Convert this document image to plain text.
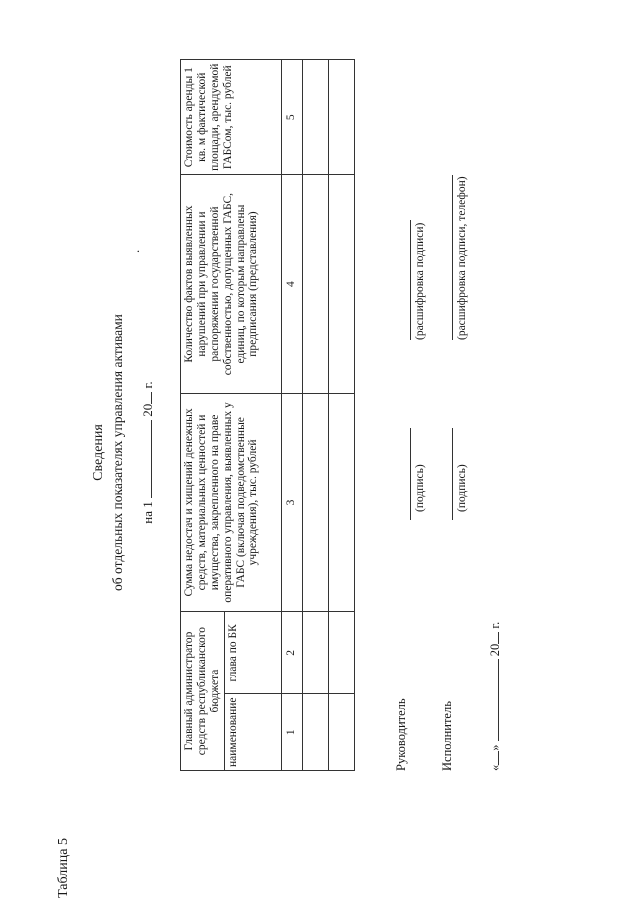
Таблица 5
Сведения об отдельных показателях управления активами
.
на 1  20 г.
Главный администратор средств республиканского бюджета		Сумма недостач и хищений денежных средств, материальных ценностей и имущества, закрепленного на праве оперативного управления, выявленных у ГАБС (включая подведомственные учреждения), тыс. рублей	Количество фактов выявленных нарушений при управлении и распоряжении государственной собственностью, допущенных ГАБС, единиц, по которым направлены предписания (представления)	Стоимость аренды 1 кв. м фактической площади, арендуемой ГАБСом, тыс. рублей
наименование	глава по БК			
1	2	3	4	5

Руководитель
(подпись)
(расшифровка подписи)
Исполнитель
(подпись)
(расшифровка подписи, телефон)
«»  20 г.
